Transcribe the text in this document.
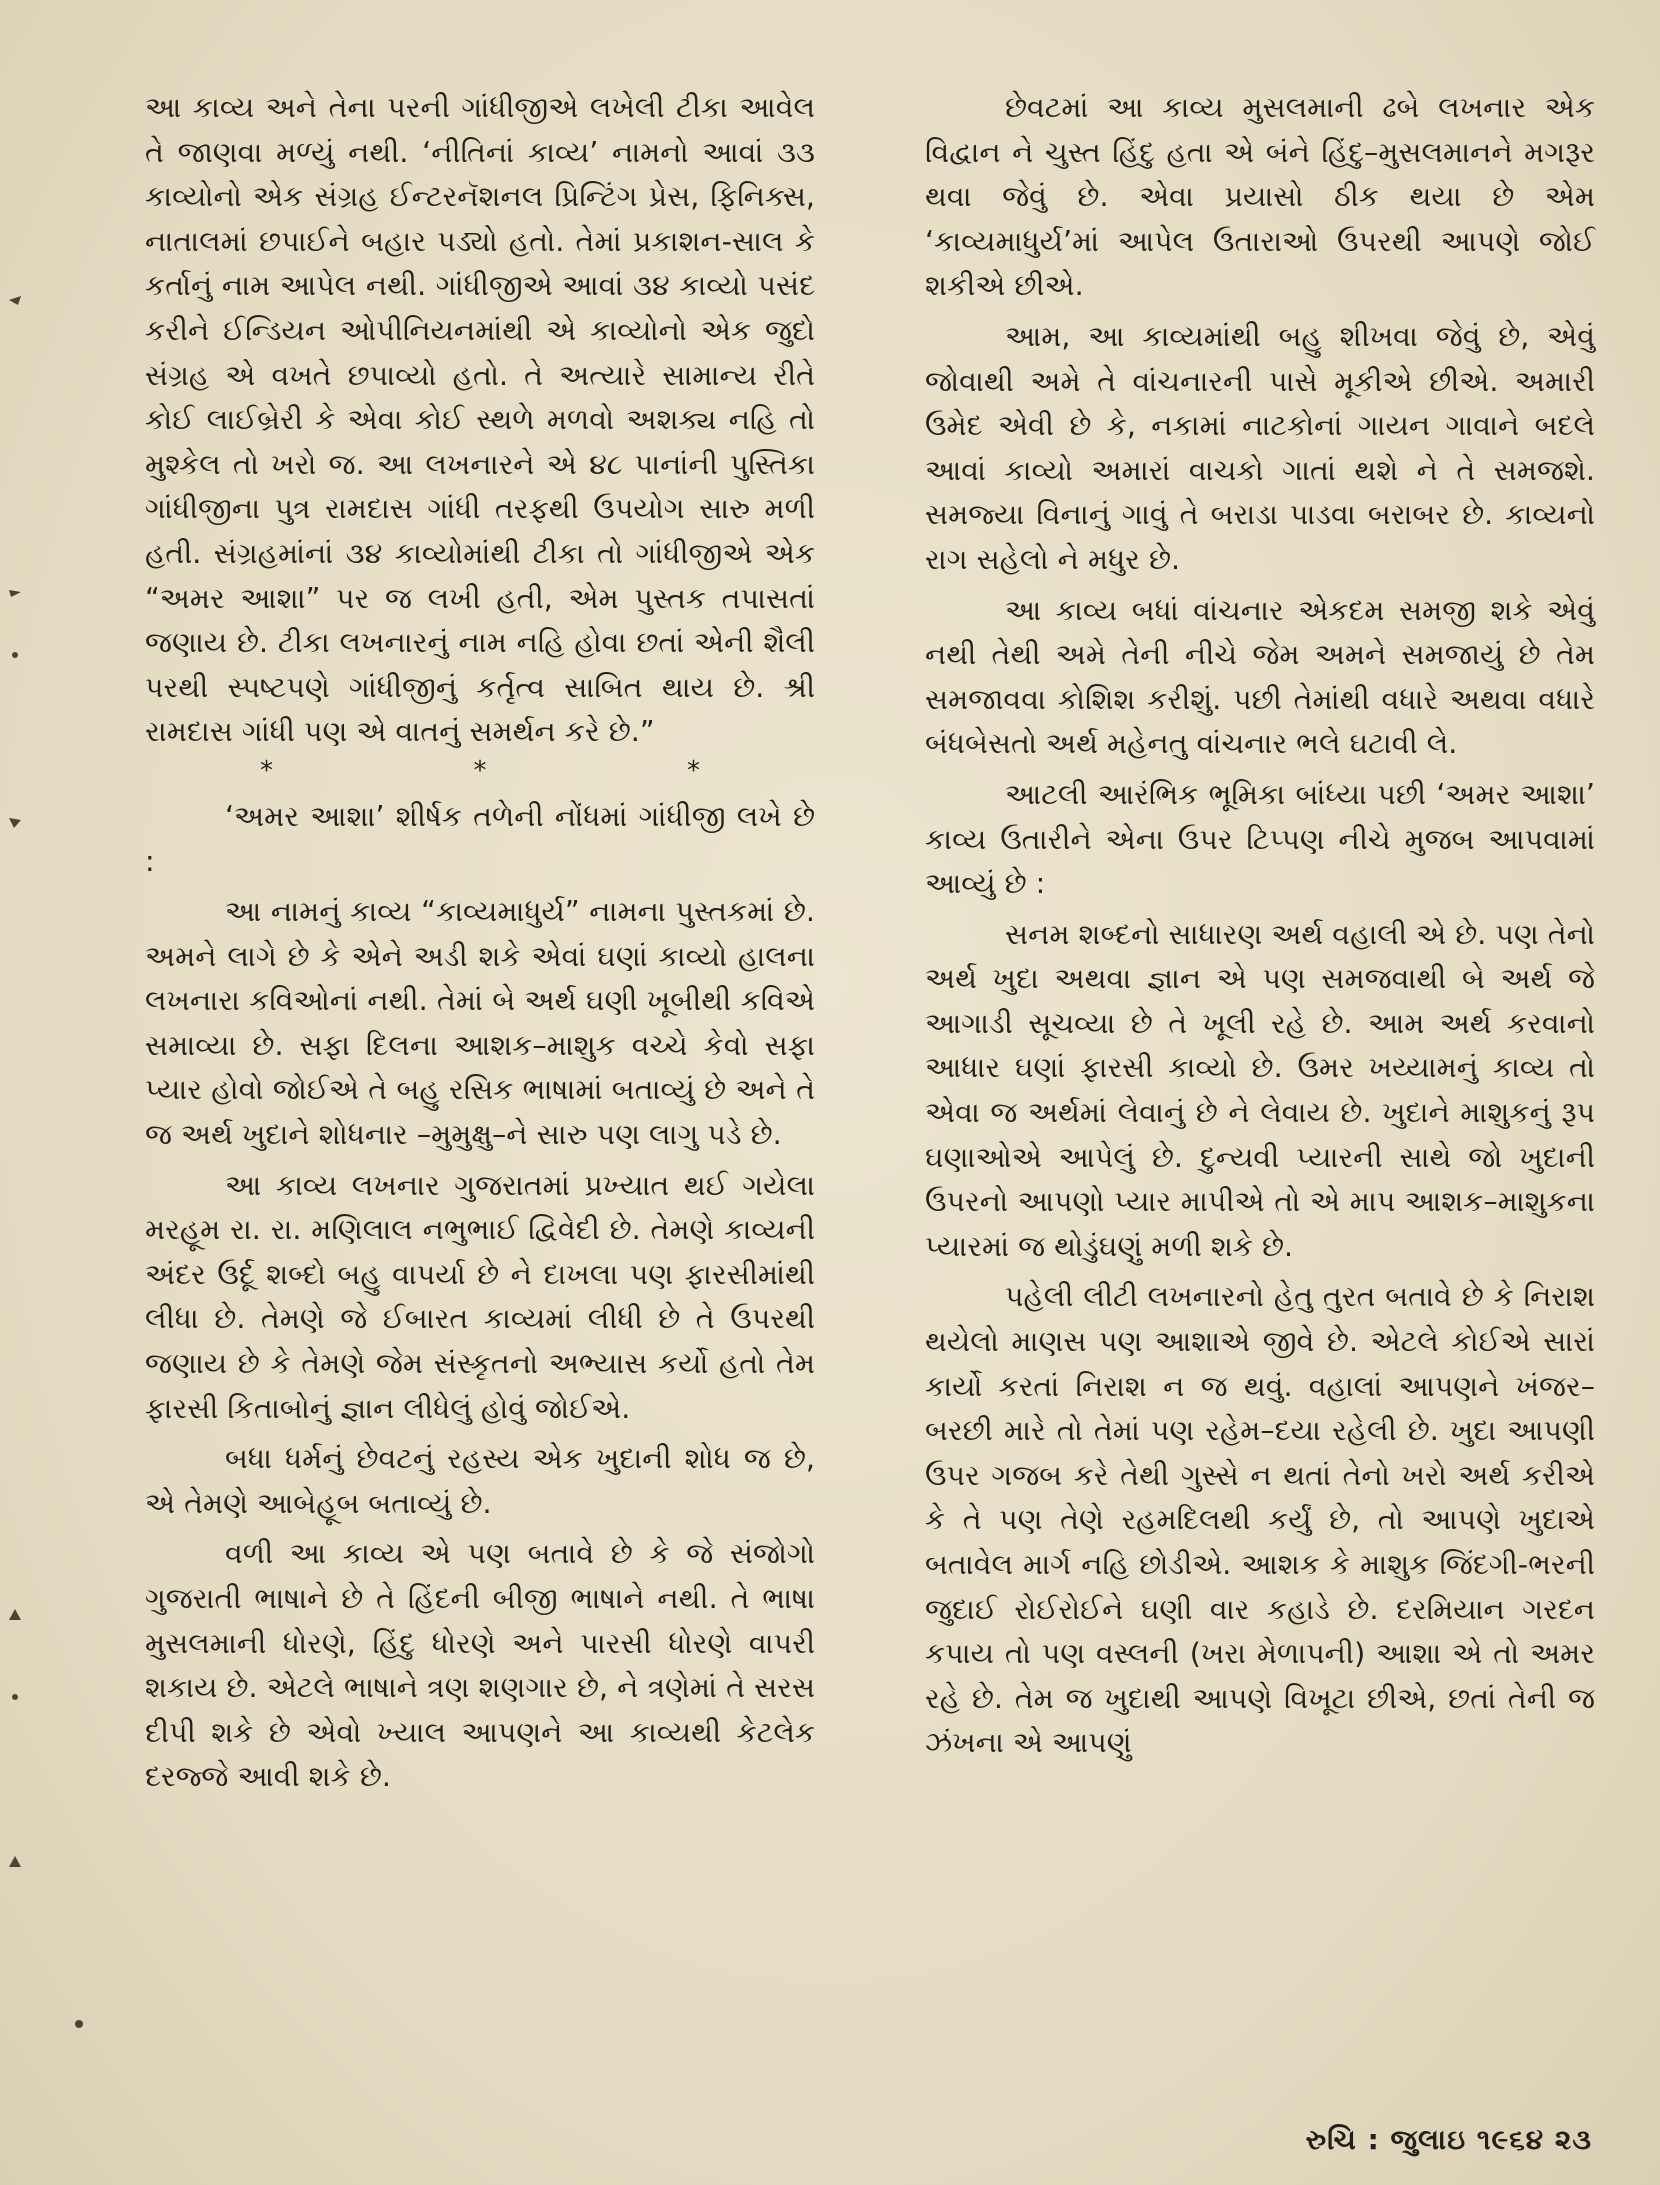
આ કાવ્ય અને તેના પરની ગાંધીજીએ લખેલી ટીકા આવેલ તે જાણવા મળ્યું નથી. ‘નીતિનાં કાવ્ય’ નામનો આવાં ૩૩ કાવ્યોનો એક સંગ્રહ ઈન્ટરનૅશનલ પ્રિન્ટિંગ પ્રેસ, ફિનિક્સ, નાતાલમાં છપાઈને બહાર પડ્યો હતો. તેમાં પ્રકાશન-સાલ કે કર્તાનું નામ આપેલ નથી. ગાંધીજીએ આવાં ૩૪ કાવ્યો પસંદ કરીને ઈન્ડિયન ઓપીનિયનમાંથી એ કાવ્યોનો એક જુદો સંગ્રહ એ વખતે છપાવ્યો હતો. તે અત્યારે સામાન્ય રીતે કોઈ લાઈબ્રેરી કે એવા કોઈ સ્થળે મળવો અશક્ય નહિ તો મુશ્કેલ તો ખરો જ. આ લખનારને એ ૪૮ પાનાંની પુસ્તિકા ગાંધીજીના પુત્ર રામદાસ ગાંધી તરફથી ઉપયોગ સારુ મળી હતી. સંગ્રહમાંનાં ૩૪ કાવ્યોમાંથી ટીકા તો ગાંધીજીએ એક “અમર આશા” પર જ લખી હતી, એમ પુસ્તક તપાસતાં જણાય છે. ટીકા લખનારનું નામ નહિ હોવા છતાં એની શૈલી પરથી સ્પષ્ટપણે ગાંધીજીનું કર્તૃત્વ સાબિત થાય છે. શ્રી રામદાસ ગાંધી પણ એ વાતનું સમર્થન કરે છે.”

*	*	*

‘અમર આશા’ શીર્ષક તળેની નોંધમાં ગાંધીજી લખે છે :

આ નામનું કાવ્ય “કાવ્યમાધુર્ય” નામના પુસ્તકમાં છે. અમને લાગે છે કે એને અડી શકે એવાં ઘણાં કાવ્યો હાલના લખનારા કવિઓનાં નથી. તેમાં બે અર્થ ઘણી ખૂબીથી કવિએ સમાવ્યા છે. સફા દિલના આશક–માશુક વચ્ચે કેવો સફા પ્યાર હોવો જોઈએ તે બહુ રસિક ભાષામાં બતાવ્યું છે અને તે જ અર્થ ખુદાને શોધનાર –મુમુક્ષુ–ને સારુ પણ લાગુ પડે છે.

આ કાવ્ય લખનાર ગુજરાતમાં પ્રખ્યાત થઈ ગયેલા મરહૂમ રા. રા. મણિલાલ નભુભાઈ દ્વિવેદી છે. તેમણે કાવ્યની અંદર ઉર્દૂ શબ્દો બહુ વાપર્યા છે ને દાખલા પણ ફારસીમાંથી લીધા છે. તેમણે જે ઈબારત કાવ્યમાં લીધી છે તે ઉપરથી જણાય છે કે તેમણે જેમ સંસ્કૃતનો અભ્યાસ કર્યો હતો તેમ ફારસી કિતાબોનું જ્ઞાન લીધેલું હોવું જોઈએ.

બધા ધર્મનું છેવટનું રહસ્ય એક ખુદાની શોધ જ છે, એ તેમણે આબેહૂબ બતાવ્યું છે.

વળી આ કાવ્ય એ પણ બતાવે છે કે જે સંજોગો ગુજરાતી ભાષાને છે તે હિંદની બીજી ભાષાને નથી. તે ભાષા મુસલમાની ધોરણે, હિંદુ ધોરણે અને પારસી ધોરણે વાપરી શકાય છે. એટલે ભાષાને ત્રણ શણગાર છે, ને ત્રણેમાં તે સરસ દીપી શકે છે એવો ખ્યાલ આપણને આ કાવ્યથી કેટલેક દરજ્જે આવી શકે છે.

છેવટમાં આ કાવ્ય મુસલમાની ઢબે લખનાર એક વિદ્વાન ને ચુસ્ત હિંદુ હતા એ બંને હિંદુ–મુસલમાનને મગરૂર થવા જેવું છે. એવા પ્રયાસો ઠીક થયા છે એમ ‘કાવ્યમાધુર્ય’માં આપેલ ઉતારાઓ ઉપરથી આપણે જોઈ શકીએ છીએ.

આમ, આ કાવ્યમાંથી બહુ શીખવા જેવું છે, એવું જોવાથી અમે તે વાંચનારની પાસે મૂકીએ છીએ. અમારી ઉમેદ એવી છે કે, નકામાં નાટકોનાં ગાયન ગાવાને બદલે આવાં કાવ્યો અમારાં વાચકો ગાતાં થશે ને તે સમજશે. સમજ્યા વિનાનું ગાવું તે બરાડા પાડવા બરાબર છે. કાવ્યનો રાગ સહેલો ને મધુર છે.

આ કાવ્ય બધાં વાંચનાર એકદમ સમજી શકે એવું નથી તેથી અમે તેની નીચે જેમ અમને સમજાયું છે તેમ સમજાવવા કોશિશ કરીશું. પછી તેમાંથી વધારે અથવા વધારે બંધબેસતો અર્થ મહેનતુ વાંચનાર ભલે ઘટાવી લે.

આટલી આરંભિક ભૂમિકા બાંધ્યા પછી ‘અમર આશા’ કાવ્ય ઉતારીને એના ઉપર ટિપ્પણ નીચે મુજબ આપવામાં આવ્યું છે :

સનમ શબ્દનો સાધારણ અર્થ વહાલી એ છે. પણ તેનો અર્થ ખુદા અથવા જ્ઞાન એ પણ સમજવાથી બે અર્થ જે આગાડી સૂચવ્યા છે તે ખૂલી રહે છે. આમ અર્થ કરવાનો આધાર ઘણાં ફારસી કાવ્યો છે. ઉમર ખય્યામનું કાવ્ય તો એવા જ અર્થમાં લેવાનું છે ને લેવાય છે. ખુદાને માશુકનું રૂપ ઘણાઓએ આપેલું છે. દુન્યવી પ્યારની સાથે જો ખુદાની ઉપરનો આપણો પ્યાર માપીએ તો એ માપ આશક–માશુકના પ્યારમાં જ થોડુંઘણું મળી શકે છે.

પહેલી લીટી લખનારનો હેતુ તુરત બતાવે છે કે નિરાશ થયેલો માણસ પણ આશાએ જીવે છે. એટલે કોઈએ સારાં કાર્યો કરતાં નિરાશ ન જ થવું. વહાલાં આપણને ખંજર–બરછી મારે તો તેમાં પણ રહેમ–દયા રહેલી છે. ખુદા આપણી ઉપર ગજબ કરે તેથી ગુસ્સે ન થતાં તેનો ખરો અર્થ કરીએ કે તે પણ તેણે રહમદિલથી કર્યું છે, તો આપણે ખુદાએ બતાવેલ માર્ગ નહિ છોડીએ. આશક કે માશુક જિંદગી-ભરની જુદાઈ રોઈરોઈને ઘણી વાર કહાડે છે. દરમિયાન ગરદન કપાય તો પણ વસ્લની (ખરા મેળાપની) આશા એ તો અમર રહે છે. તેમ જ ખુદાથી આપણે વિખૂટા છીએ, છતાં તેની જ ઝંખના એ આપણું

રુચિ : જુલાઇ ૧૯૬૪ ૨૩
